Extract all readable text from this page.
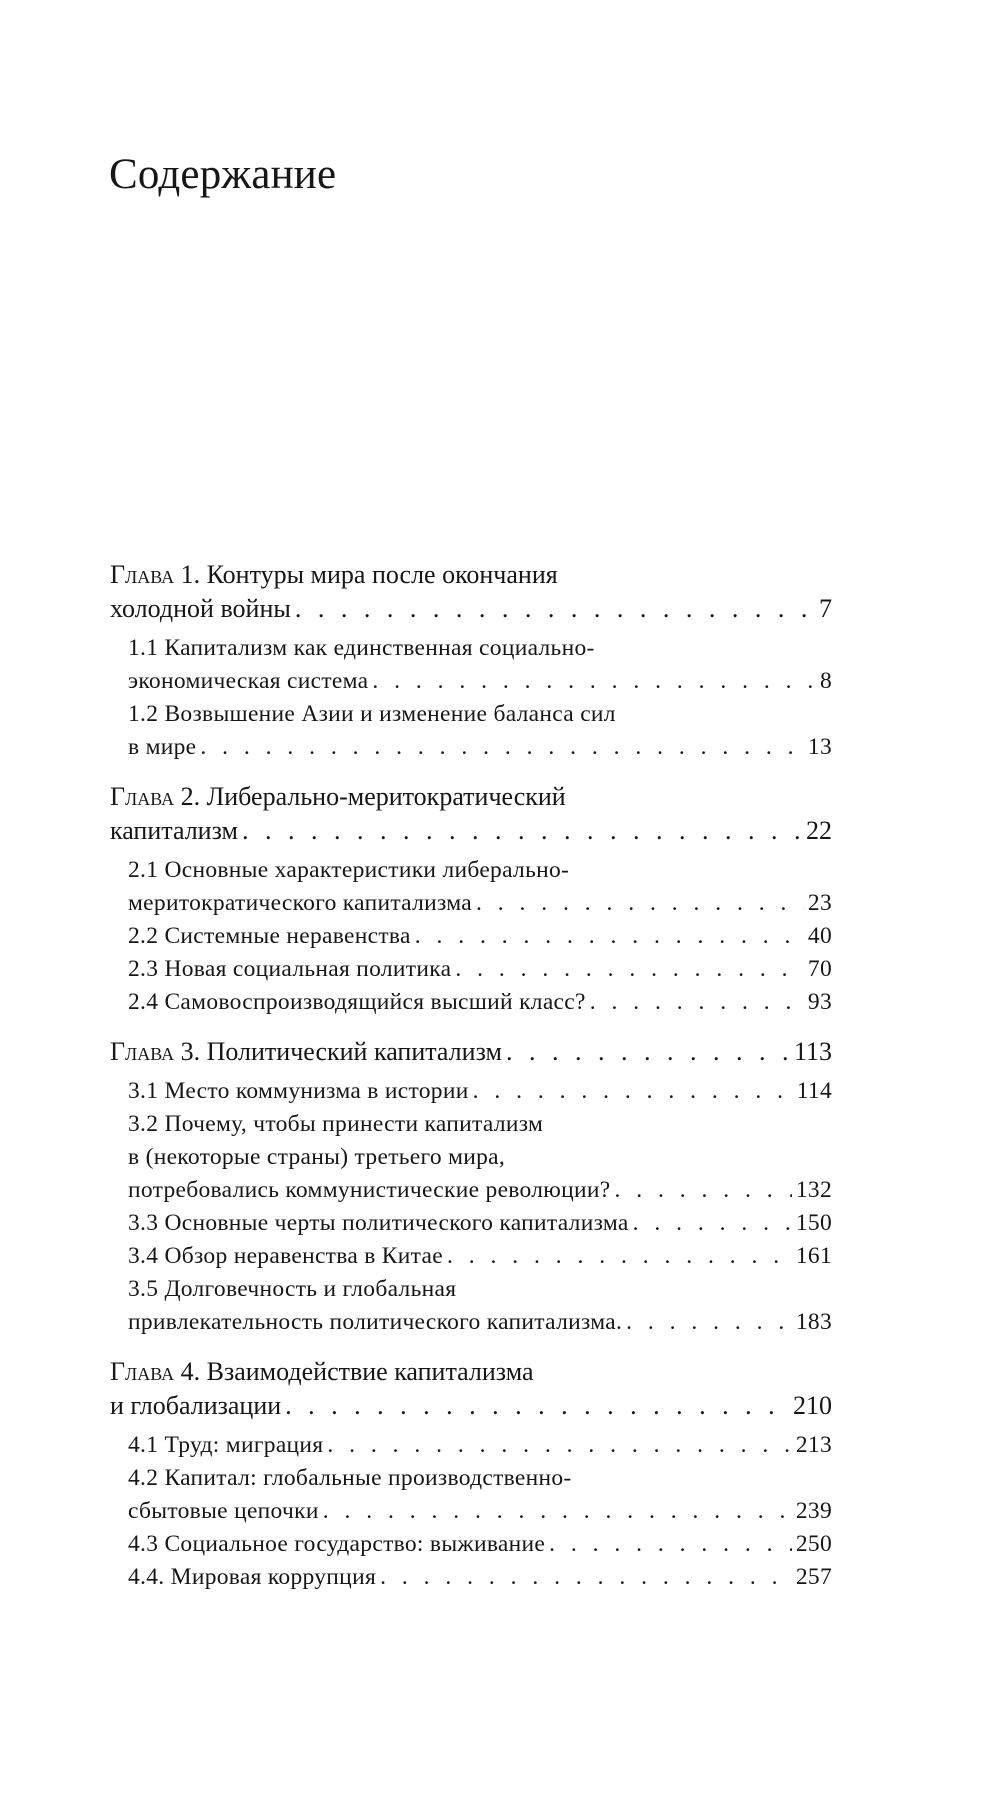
Содержание
Глава 1. Контуры мира после окончания
холодной войны . . .	7
1.1 Капитализм как единственная социально-
экономическая система . . .	8
1.2 Возвышение Азии и изменение баланса сил
в мире . . .	13
Глава 2. Либерально-меритократический
капитализм . . .	22
2.1 Основные характеристики либерально-
меритократического капитализма . . .	23
2.2 Системные неравенства . . .	40
2.3 Новая социальная политика . . .	70
2.4 Самовоспроизводящийся высший класс? . . .	93
Глава 3. Политический капитализм . . .	113
3.1 Место коммунизма в истории . . .	114
3.2 Почему, чтобы принести капитализм
в (некоторые страны) третьего мира,
потребовались коммунистические революции? . . .	132
3.3 Основные черты политического капитализма . . .	150
3.4 Обзор неравенства в Китае . . .	161
3.5 Долговечность и глобальная
привлекательность политического капитализма. . . .	183
Глава 4. Взаимодействие капитализма
и глобализации . . .	210
4.1 Труд: миграция . . .	213
4.2 Капитал: глобальные производственно-
сбытовые цепочки . . .	239
4.3 Социальное государство: выживание . . .	250
4.4. Мировая коррупция . . .	257
